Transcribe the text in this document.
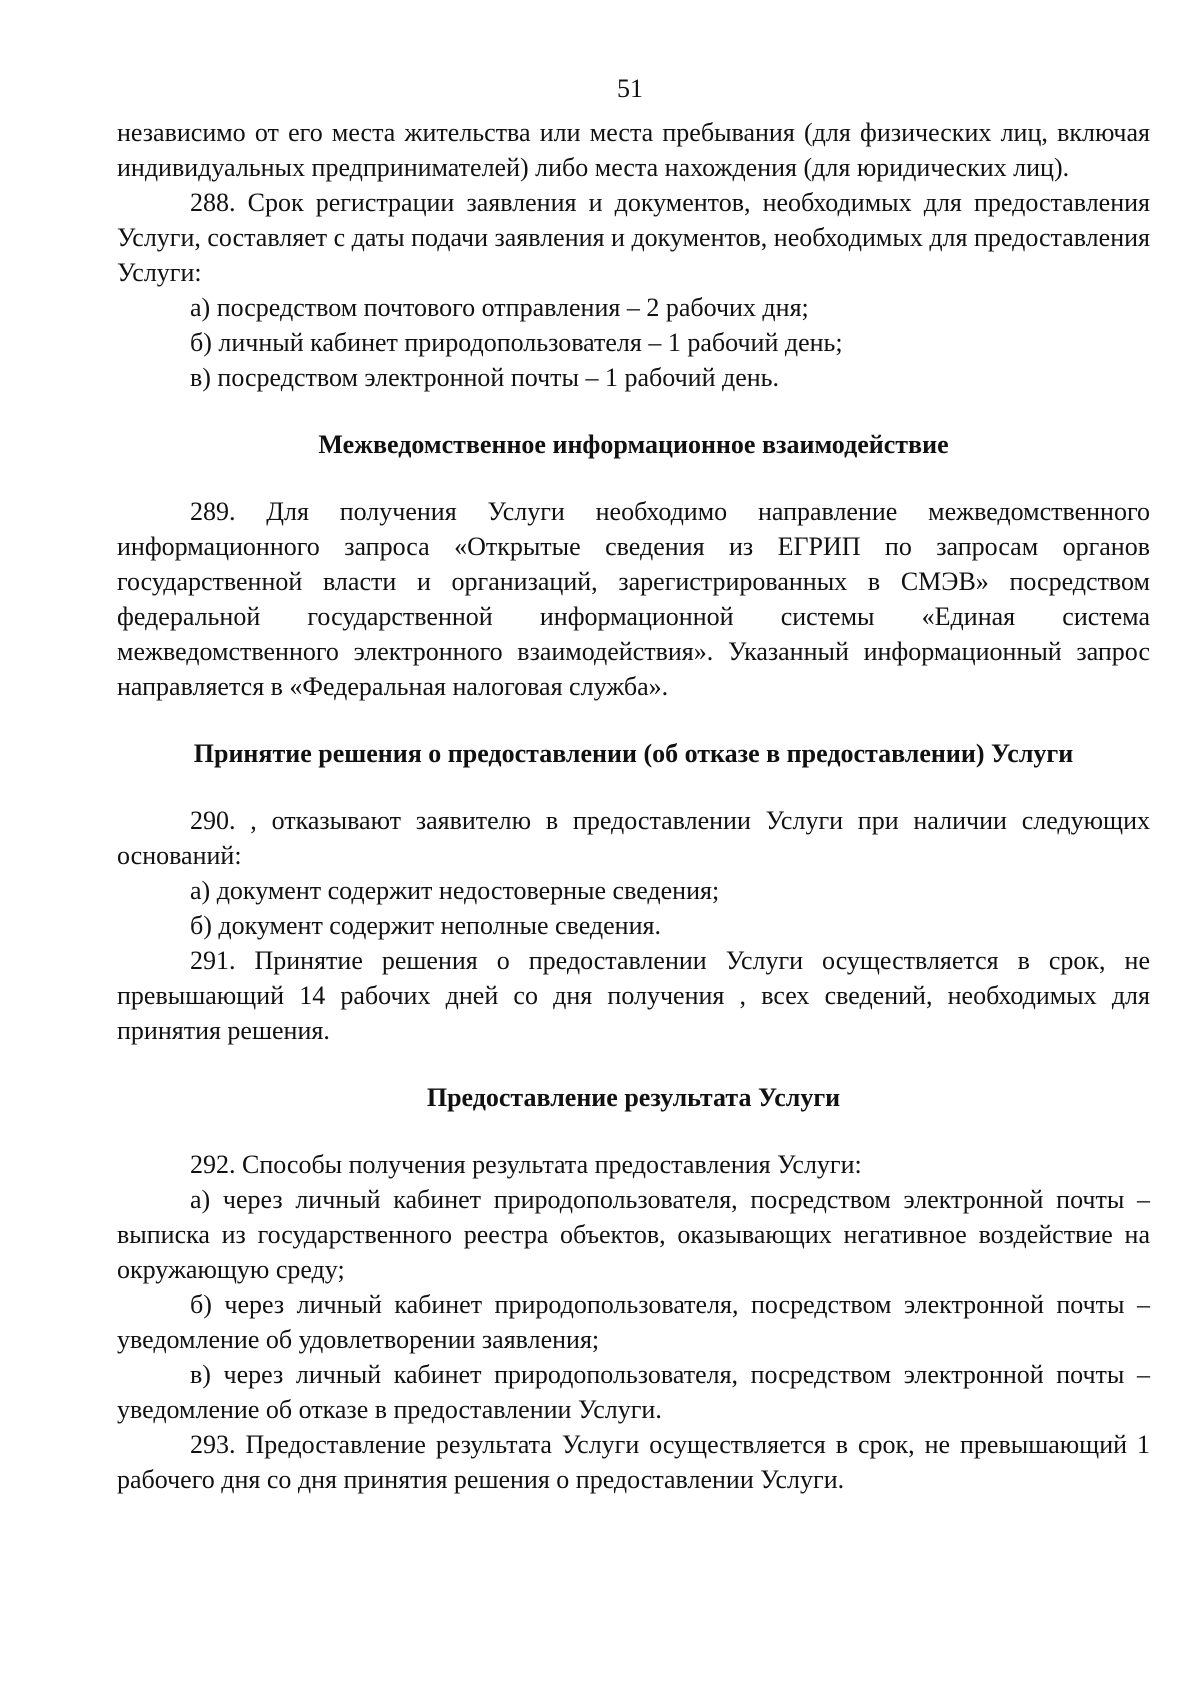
51

независимо от его места жительства или места пребывания (для физических лиц, включая индивидуальных предпринимателей) либо места нахождения (для юридических лиц).

288. Срок регистрации заявления и документов, необходимых для предоставления Услуги, составляет с даты подачи заявления и документов, необходимых для предоставления Услуги:

а) посредством почтового отправления – 2 рабочих дня;

б) личный кабинет природопользователя – 1 рабочий день;

в) посредством электронной почты – 1 рабочий день.

Межведомственное информационное взаимодействие

289. Для получения Услуги необходимо направление межведомственного информационного запроса «Открытые сведения из ЕГРИП по запросам органов государственной власти и организаций, зарегистрированных в СМЭВ» посредством федеральной государственной информационной системы «Единая система межведомственного электронного взаимодействия». Указанный информационный запрос направляется в «Федеральная налоговая служба».

Принятие решения о предоставлении (об отказе в предоставлении) Услуги

290. , отказывают заявителю в предоставлении Услуги при наличии следующих оснований:

а) документ содержит недостоверные сведения;

б) документ содержит неполные сведения.

291. Принятие решения о предоставлении Услуги осуществляется в срок, не превышающий 14 рабочих дней со дня получения , всех сведений, необходимых для принятия решения.

Предоставление результата Услуги

292. Способы получения результата предоставления Услуги:

а) через личный кабинет природопользователя, посредством электронной почты – выписка из государственного реестра объектов, оказывающих негативное воздействие на окружающую среду;

б) через личный кабинет природопользователя, посредством электронной почты – уведомление об удовлетворении заявления;

в) через личный кабинет природопользователя, посредством электронной почты – уведомление об отказе в предоставлении Услуги.

293. Предоставление результата Услуги осуществляется в срок, не превышающий 1 рабочего дня со дня принятия решения о предоставлении Услуги.
